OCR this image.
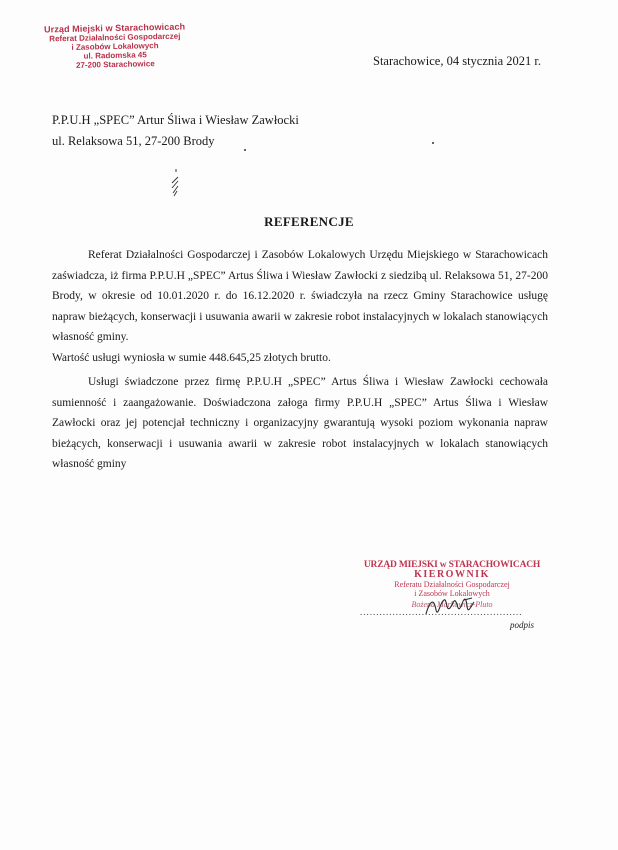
Urząd Miejski w Starachowicach
Referat Działalności Gospodarczej
i Zasobów Lokalowych
ul. Radomska 45
27-200 Starachowice	Starachowice, 04 stycznia 2021 r.
P.P.U.H „SPEC” Artur Śliwa i Wiesław Zawłocki
ul. Relaksowa 51, 27-200 Brody
REFERENCJE

Referat Działalności Gospodarczej i Zasobów Lokalowych Urzędu Miejskiego w Starachowicach zaświadcza, iż firma P.P.U.H „SPEC” Artus Śliwa i Wiesław Zawłocki z siedzibą ul. Relaksowa 51, 27-200 Brody, w okresie od 10.01.2020 r. do 16.12.2020 r. świadczyła na rzecz Gminy Starachowice usługę napraw bieżących, konserwacji i usuwania awarii w zakresie robot instalacyjnych w lokalach stanowiących własność gminy.

Wartość usługi wyniosła w sumie 448.645,25 złotych brutto.

Usługi świadczone przez firmę P.P.U.H „SPEC” Artus Śliwa i Wiesław Zawłocki cechowała sumienność i zaangażowanie. Doświadczona załoga firmy P.P.U.H „SPEC” Artus Śliwa i Wiesław Zawłocki oraz jej potencjał techniczny i organizacyjny gwarantują wysoki poziom wykonania napraw bieżących, konserwacji i usuwania awarii w zakresie robot instalacyjnych w lokalach stanowiących własność gminy

URZĄD MIEJSKI w STARACHOWICACH
KIEROWNIK
Referatu Działalności Gospodarczej
i Zasobów Lokalowych
Bożena Markowicz-Pluto
..................................................
podpis
